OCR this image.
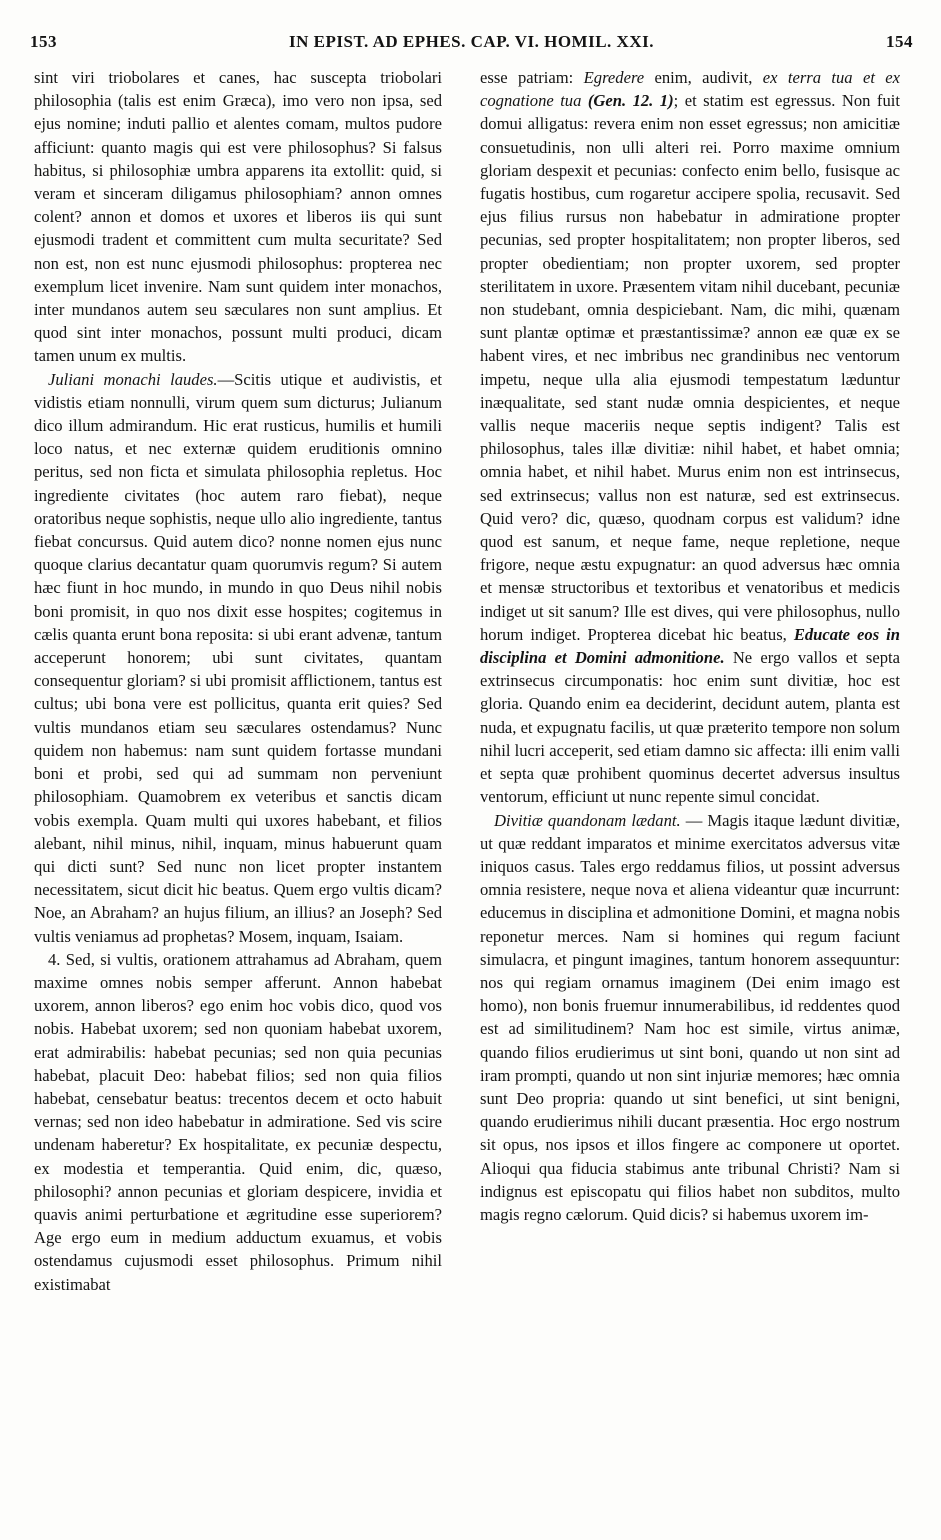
153	IN EPIST. AD EPHES. CAP. VI. HOMIL. XXI.	154

sint viri triobolares et canes, hac suscepta triobolari philosophia (talis est enim Græca), imo vero non ipsa, sed ejus nomine; induti pallio et alentes comam, multos pudore afficiunt: quanto magis qui est vere philosophus? Si falsus habitus, si philosophiæ umbra apparens ita extollit: quid, si veram et sinceram diligamus philosophiam? annon omnes colent? annon et domos et uxores et liberos iis qui sunt ejusmodi tradent et committent cum multa securitate? Sed non est, non est nunc ejusmodi philosophus: propterea nec exemplum licet invenire. Nam sunt quidem inter monachos, inter mundanos autem seu sæculares non sunt amplius. Et quod sint inter monachos, possunt multi produci, dicam tamen unum ex multis.

Juliani monachi laudes.—Scitis utique et audivistis, et vidistis etiam nonnulli, virum quem sum dicturus; Julianum dico illum admirandum. Hic erat rusticus, humilis et humili loco natus, et nec externæ quidem eruditionis omnino peritus, sed non ficta et simulata philosophia repletus. Hoc ingrediente civitates (hoc autem raro fiebat), neque oratoribus neque sophistis, neque ullo alio ingrediente, tantus fiebat concursus. Quid autem dico? nonne nomen ejus nunc quoque clarius decantatur quam quorumvis regum? Si autem hæc fiunt in hoc mundo, in mundo in quo Deus nihil nobis boni promisit, in quo nos dixit esse hospites; cogitemus in cælis quanta erunt bona reposita: si ubi erant advenæ, tantum acceperunt honorem; ubi sunt civitates, quantam consequentur gloriam? si ubi promisit afflictionem, tantus est cultus; ubi bona vere est pollicitus, quanta erit quies? Sed vultis mundanos etiam seu sæculares ostendamus? Nunc quidem non habemus: nam sunt quidem fortasse mundani boni et probi, sed qui ad summam non perveniunt philosophiam. Quamobrem ex veteribus et sanctis dicam vobis exempla. Quam multi qui uxores habebant, et filios alebant, nihil minus, nihil, inquam, minus habuerunt quam qui dicti sunt? Sed nunc non licet propter instantem necessitatem, sicut dicit hic beatus. Quem ergo vultis dicam? Noe, an Abraham? an hujus filium, an illius? an Joseph? Sed vultis veniamus ad prophetas? Mosem, inquam, Isaiam.

4. Sed, si vultis, orationem attrahamus ad Abraham, quem maxime omnes nobis semper afferunt. Annon habebat uxorem, annon liberos? ego enim hoc vobis dico, quod vos nobis. Habebat uxorem; sed non quoniam habebat uxorem, erat admirabilis: habebat pecunias; sed non quia pecunias habebat, placuit Deo: habebat filios; sed non quia filios habebat, censebatur beatus: trecentos decem et octo habuit vernas; sed non ideo habebatur in admiratione. Sed vis scire undenam haberetur? Ex hospitalitate, ex pecuniæ despectu, ex modestia et temperantia. Quid enim, dic, quæso, philosophi? annon pecunias et gloriam despicere, invidia et quavis animi perturbatione et ægritudine esse superiorem? Age ergo eum in medium adductum exuamus, et vobis ostendamus cujusmodi esset philosophus. Primum nihil existimabat

esse patriam: Egredere enim, audivit, ex terra tua et ex cognatione tua (Gen. 12. 1); et statim est egressus. Non fuit domui alligatus: revera enim non esset egressus; non amicitiæ consuetudinis, non ulli alteri rei. Porro maxime omnium gloriam despexit et pecunias: confecto enim bello, fusisque ac fugatis hostibus, cum rogaretur accipere spolia, recusavit. Sed ejus filius rursus non habebatur in admiratione propter pecunias, sed propter hospitalitatem; non propter liberos, sed propter obedientiam; non propter uxorem, sed propter sterilitatem in uxore. Præsentem vitam nihil ducebant, pecuniæ non studebant, omnia despiciebant. Nam, dic mihi, quænam sunt plantæ optimæ et præstantissimæ? annon eæ quæ ex se habent vires, et nec imbribus nec grandinibus nec ventorum impetu, neque ulla alia ejusmodi tempestatum læduntur inæqualitate, sed stant nudæ omnia despicientes, et neque vallis neque maceriis neque septis indigent? Talis est philosophus, tales illæ divitiæ: nihil habet, et habet omnia; omnia habet, et nihil habet. Murus enim non est intrinsecus, sed extrinsecus; vallus non est naturæ, sed est extrinsecus. Quid vero? dic, quæso, quodnam corpus est validum? idne quod est sanum, et neque fame, neque repletione, neque frigore, neque æstu expugnatur: an quod adversus hæc omnia et mensæ structoribus et textoribus et venatoribus et medicis indiget ut sit sanum? Ille est dives, qui vere philosophus, nullo horum indiget. Propterea dicebat hic beatus, Educate eos in disciplina et Domini admonitione. Ne ergo vallos et septa extrinsecus circumponatis: hoc enim sunt divitiæ, hoc est gloria. Quando enim ea deciderint, decidunt autem, planta est nuda, et expugnatu facilis, ut quæ præterito tempore non solum nihil lucri acceperit, sed etiam damno sic affecta: illi enim valli et septa quæ prohibent quominus decertet adversus insultus ventorum, efficiunt ut nunc repente simul concidat.

Divitiæ quandonam lædant. — Magis itaque lædunt divitiæ, ut quæ reddant imparatos et minime exercitatos adversus vitæ iniquos casus. Tales ergo reddamus filios, ut possint adversus omnia resistere, neque nova et aliena videantur quæ incurrunt: educemus in disciplina et admonitione Domini, et magna nobis reponetur merces. Nam si homines qui regum faciunt simulacra, et pingunt imagines, tantum honorem assequuntur: nos qui regiam ornamus imaginem (Dei enim imago est homo), non bonis fruemur innumerabilibus, id reddentes quod est ad similitudinem? Nam hoc est simile, virtus animæ, quando filios erudierimus ut sint boni, quando ut non sint ad iram prompti, quando ut non sint injuriæ memores; hæc omnia sunt Deo propria: quando ut sint benefici, ut sint benigni, quando erudierimus nihili ducant præsentia. Hoc ergo nostrum sit opus, nos ipsos et illos fingere ac componere ut oportet. Alioqui qua fiducia stabimus ante tribunal Christi? Nam si indignus est episcopatu qui filios habet non subditos, multo magis regno cælorum. Quid dicis? si habemus uxorem im-
